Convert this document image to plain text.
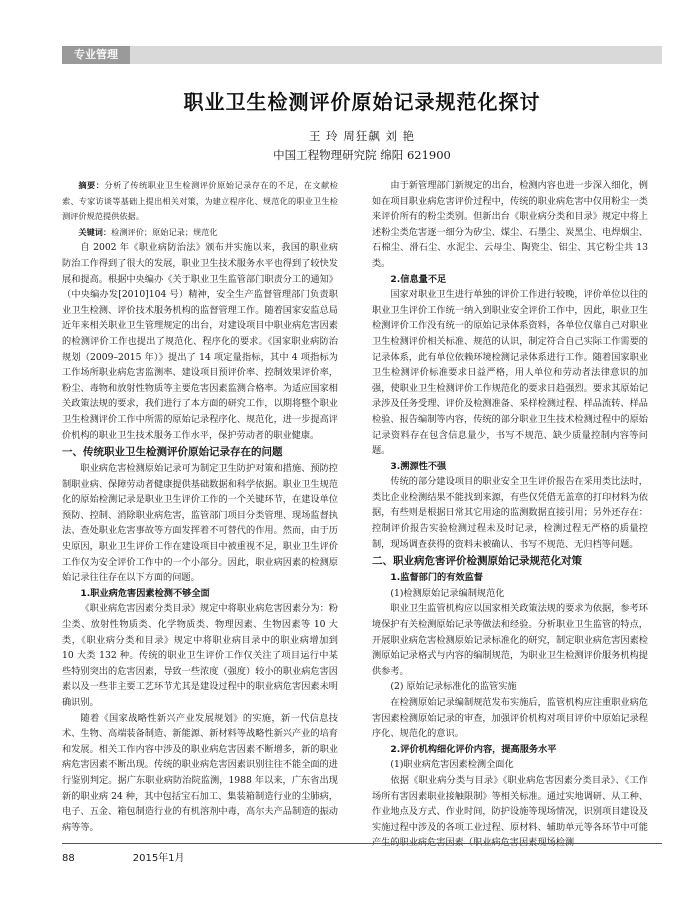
专业管理
职业卫生检测评价原始记录规范化探讨
王 玲 周狂飙 刘 艳
中国工程物理研究院 绵阳 621900

摘要：分析了传统职业卫生检测评价原始记录存在的不足，在文献检索、专家访谈等基础上提出相关对策，为建立程序化、规范化的职业卫生检测评价规范提供依据。

关键词：检测评价；原始记录；规范化

自 2002 年《职业病防治法》颁布并实施以来，我国的职业病防治工作得到了很大的发展，职业卫生技术服务水平也得到了较快发展和提高。根据中央编办《关于职业卫生监管部门职责分工的通知》（中央编办发[2010]104 号）精神，安全生产监督管理部门负责职业卫生检测、评价技术服务机构的监督管理工作。随着国家安监总局近年来相关职业卫生管理规定的出台，对建设项目中职业病危害因素的检测评价工作也提出了规范化、程序化的要求。《国家职业病防治规划（2009–2015 年）》提出了 14 项定量指标，其中 4 项指标为工作场所职业病危害监测率、建设项目预评价率、控制效果评价率，粉尘、毒物和放射性物质等主要危害因素监测合格率。为适应国家相关政策法规的要求，我们进行了本方面的研究工作，以期将整个职业卫生检测评价工作中所需的原始记录程序化、规范化，进一步提高评价机构的职业卫生技术服务工作水平，保护劳动者的职业健康。

一、传统职业卫生检测评价原始记录存在的问题

职业病危害检测原始记录可为制定卫生防护对策和措施、预防控制职业病、保障劳动者健康提供基础数据和科学依据。职业卫生规范化的原始检测记录是职业卫生评价工作的一个关键环节，在建设单位预防、控制、消除职业病危害，监管部门项目分类管理、现场监督执法、查处职业危害事故等方面发挥着不可替代的作用。然而，由于历史原因，职业卫生评价工作在建设项目中被重视不足，职业卫生评价工作仅为安全评价工作中的一个小部分。因此，职业病因素的检测原始记录往往存在以下方面的问题。

1.职业病危害因素检测不够全面

《职业病危害因素分类目录》规定中将职业病危害因素分为：粉尘类、放射性物质类、化学物质类、物理因素、生物因素等 10 大类，《职业病分类和目录》规定中将职业病目录中的职业病增加到 10 大类 132 种。传统的职业卫生评价工作仅关注了项目运行中某些特别突出的危害因素，导致一些浓度（强度）较小的职业病危害因素以及一些非主要工艺环节尤其是建设过程中的职业病危害因素未明确识别。

随着《国家战略性新兴产业发展规划》的实施，新一代信息技术、生物、高端装备制造、新能源、新材料等战略性新兴产业的培育和发展。相关工作内容中涉及的职业病危害因素不断增多，新的职业病危害因素不断出现。传统的职业病危害因素识别往往不能全面的进行鉴别判定。据广东职业病防治院监测，1988 年以来，广东省出现新的职业病 24 种，其中包括宝石加工、集装箱制造行业的尘肺病，电子、五金、箱包制造行业的有机溶剂中毒，高尔夫产品制造的振动病等等。

由于新管理部门新规定的出台，检测内容也进一步深入细化，例如在项目职业病危害评价过程中，传统的职业病危害中仅用粉尘一类来评价所有的粉尘类别。但新出台《职业病分类和目录》规定中将上述粉尘类危害逐一细分为矽尘、煤尘、石墨尘、炭黑尘、电焊烟尘、石棉尘、滑石尘、水泥尘、云母尘、陶瓷尘、铝尘、其它粉尘共 13 类。

2.信息量不足

国家对职业卫生进行单独的评价工作进行较晚，评价单位以往的职业卫生评价工作统一纳入到职业安全评价工作中，因此，职业卫生检测评价工作没有统一的原始记录体系资料，各单位仅靠自己对职业卫生检测评价相关标准、规范的认识，制定符合自己实际工作需要的记录体系，此有单位依赖环境检测记录体系进行工作。随着国家职业卫生检测评价标准要求日益严格，用人单位和劳动者法律意识的加强，使职业卫生检测评价工作规范化的要求日趋强烈。要求其原始记录涉及任务受理、评价及检测准备、采样检测过程、样品流转、样品检验、报告编制等内容，传统的部分职业卫生技术检测过程中的原始记录资料存在包含信息量少，书写不规范、缺少质量控制内容等问题。

3.溯源性不强

传统的部分建设项目的职业安全卫生评价报告在采用类比法时，类比企业检测结果不能找到来源，有些仅凭借无盖章的打印材料为依据，有些则是根据日常其它用途的监测数据直接引用；另外还存在：控制评价报告实验检测过程未及时记录，检测过程无严格的质量控制，现场调查获得的资料未被确认、书写不规范、无归档等问题。

二、职业病危害评价检测原始记录规范化对策
1.监督部门的有效监督

(1)检测原始记录编制规范化

职业卫生监管机构应以国家相关政策法规的要求为依据，参考环境保护有关检测原始记录等做法和经验。分析职业卫生监管的特点，开展职业病危害检测原始记录标准化的研究，制定职业病危害因素检测原始记录格式与内容的编制规范，为职业卫生检测评价服务机构提供参考。

(2) 原始记录标准化的监管实施

在检测原始记录编制规范发布实施后，监管机构应注重职业病危害因素检测原始记录的审查，加强评价机构对项目评价中原始记录程序化、规范化的意识。

2.评价机构细化评价内容，提高服务水平

(1)职业病危害因素检测全面化

依据《职业病分类与目录》《职业病危害因素分类目录》、《工作场所有害因素职业接触限制》等相关标准。通过实地调研、从工种、作业地点及方式、作业时间，防护设施等现场情况，识别项目建设及实施过程中涉及的各项工业过程、原材料、辅助单元等各环节中可能产生的职业病危害因素（职业病危害因素现场检测

88	2015年1月
